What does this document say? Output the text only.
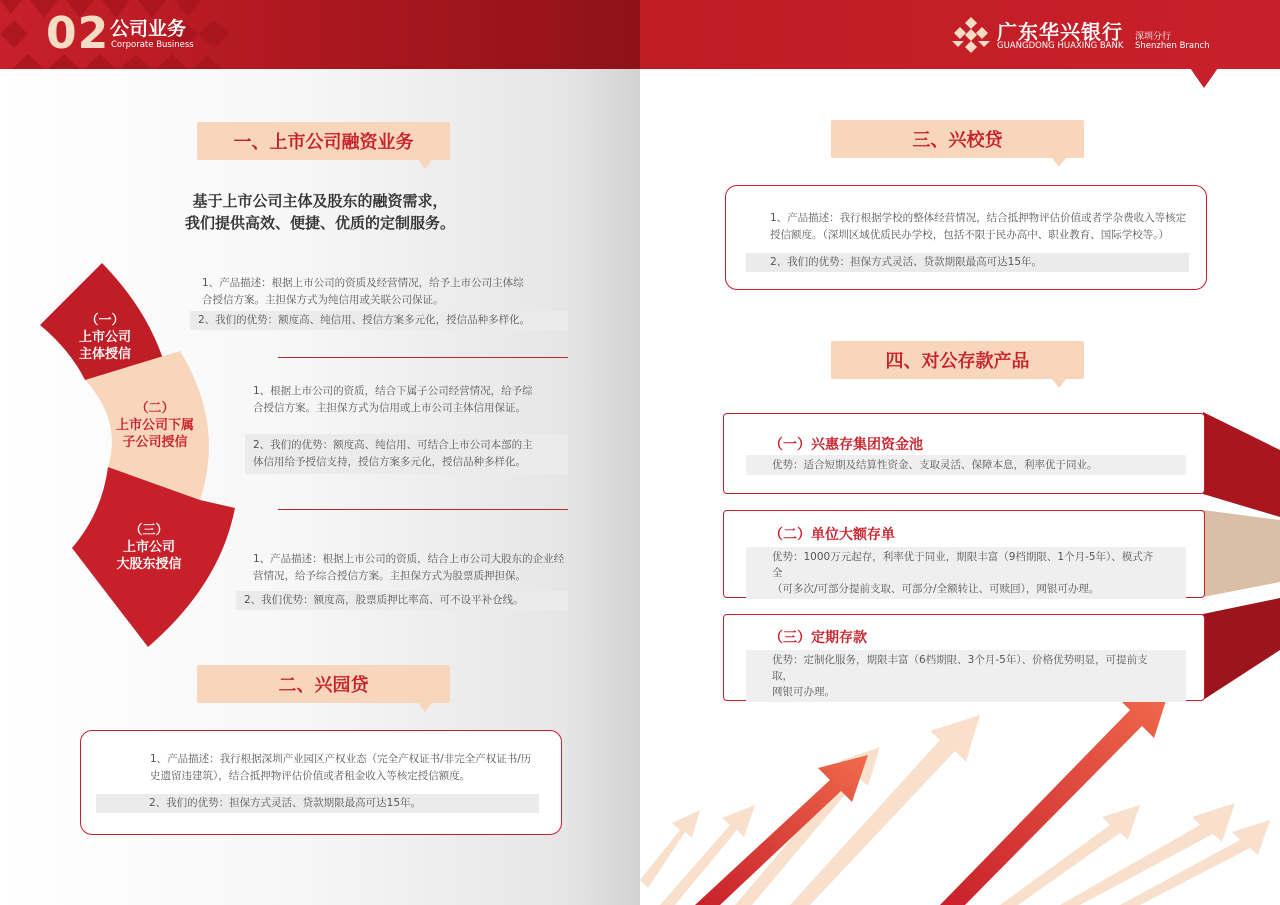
02 公司业务
Corporate Business
一、上市公司融资业务
基于上市公司主体及股东的融资需求，
我们提供高效、便捷、优质的定制服务。
（一）
上市公司
主体授信
（二）
上市公司下属
子公司授信
（三）
上市公司
大股东授信
1、产品描述：根据上市公司的资质及经营情况，给予上市公司主体综
合授信方案。主担保方式为纯信用或关联公司保证。
2、我们的优势：额度高、纯信用、授信方案多元化，授信品种多样化。
1、根据上市公司的资质，结合下属子公司经营情况，给予综
合授信方案。主担保方式为信用或上市公司主体信用保证。
2、我们的优势：额度高、纯信用、可结合上市公司本部的主
体信用给予授信支持，授信方案多元化，授信品种多样化。
1、产品描述：根据上市公司的资质，结合上市公司大股东的企业经
营情况，给予综合授信方案。主担保方式为股票质押担保。
2、我们优势：额度高，股票质押比率高、可不设平补仓线。
二、兴园贷
1、产品描述：我行根据深圳产业园区产权业态（完全产权证书/非完全产权证书/历
史遗留违建筑），结合抵押物评估价值或者租金收入等核定授信额度。
2、我们的优势：担保方式灵活、贷款期限最高可达15年。
广东华兴银行 深圳分行
GUANGDONG HUAXING BANK Shenzhen Branch
三、兴校贷
1、产品描述：我行根据学校的整体经营情况，结合抵押物评估价值或者学杂费收入等核定
授信额度。（深圳区域优质民办学校，包括不限于民办高中、职业教育、国际学校等。）
2、我们的优势：担保方式灵活、贷款期限最高可达15年。
四、对公存款产品
（一）兴惠存集团资金池
优势：适合短期及结算性资金、支取灵活、保障本息，利率优于同业。
（二）单位大额存单
优势：1000万元起存，利率优于同业，期限丰富（9档期限、1个月-5年）、模式齐全
（可多次/可部分提前支取、可部分/全额转让、可赎回），网银可办理。
（三）定期存款
优势：定制化服务，期限丰富（6档期限、3个月-5年）、价格优势明显，可提前支取，
网银可办理。
